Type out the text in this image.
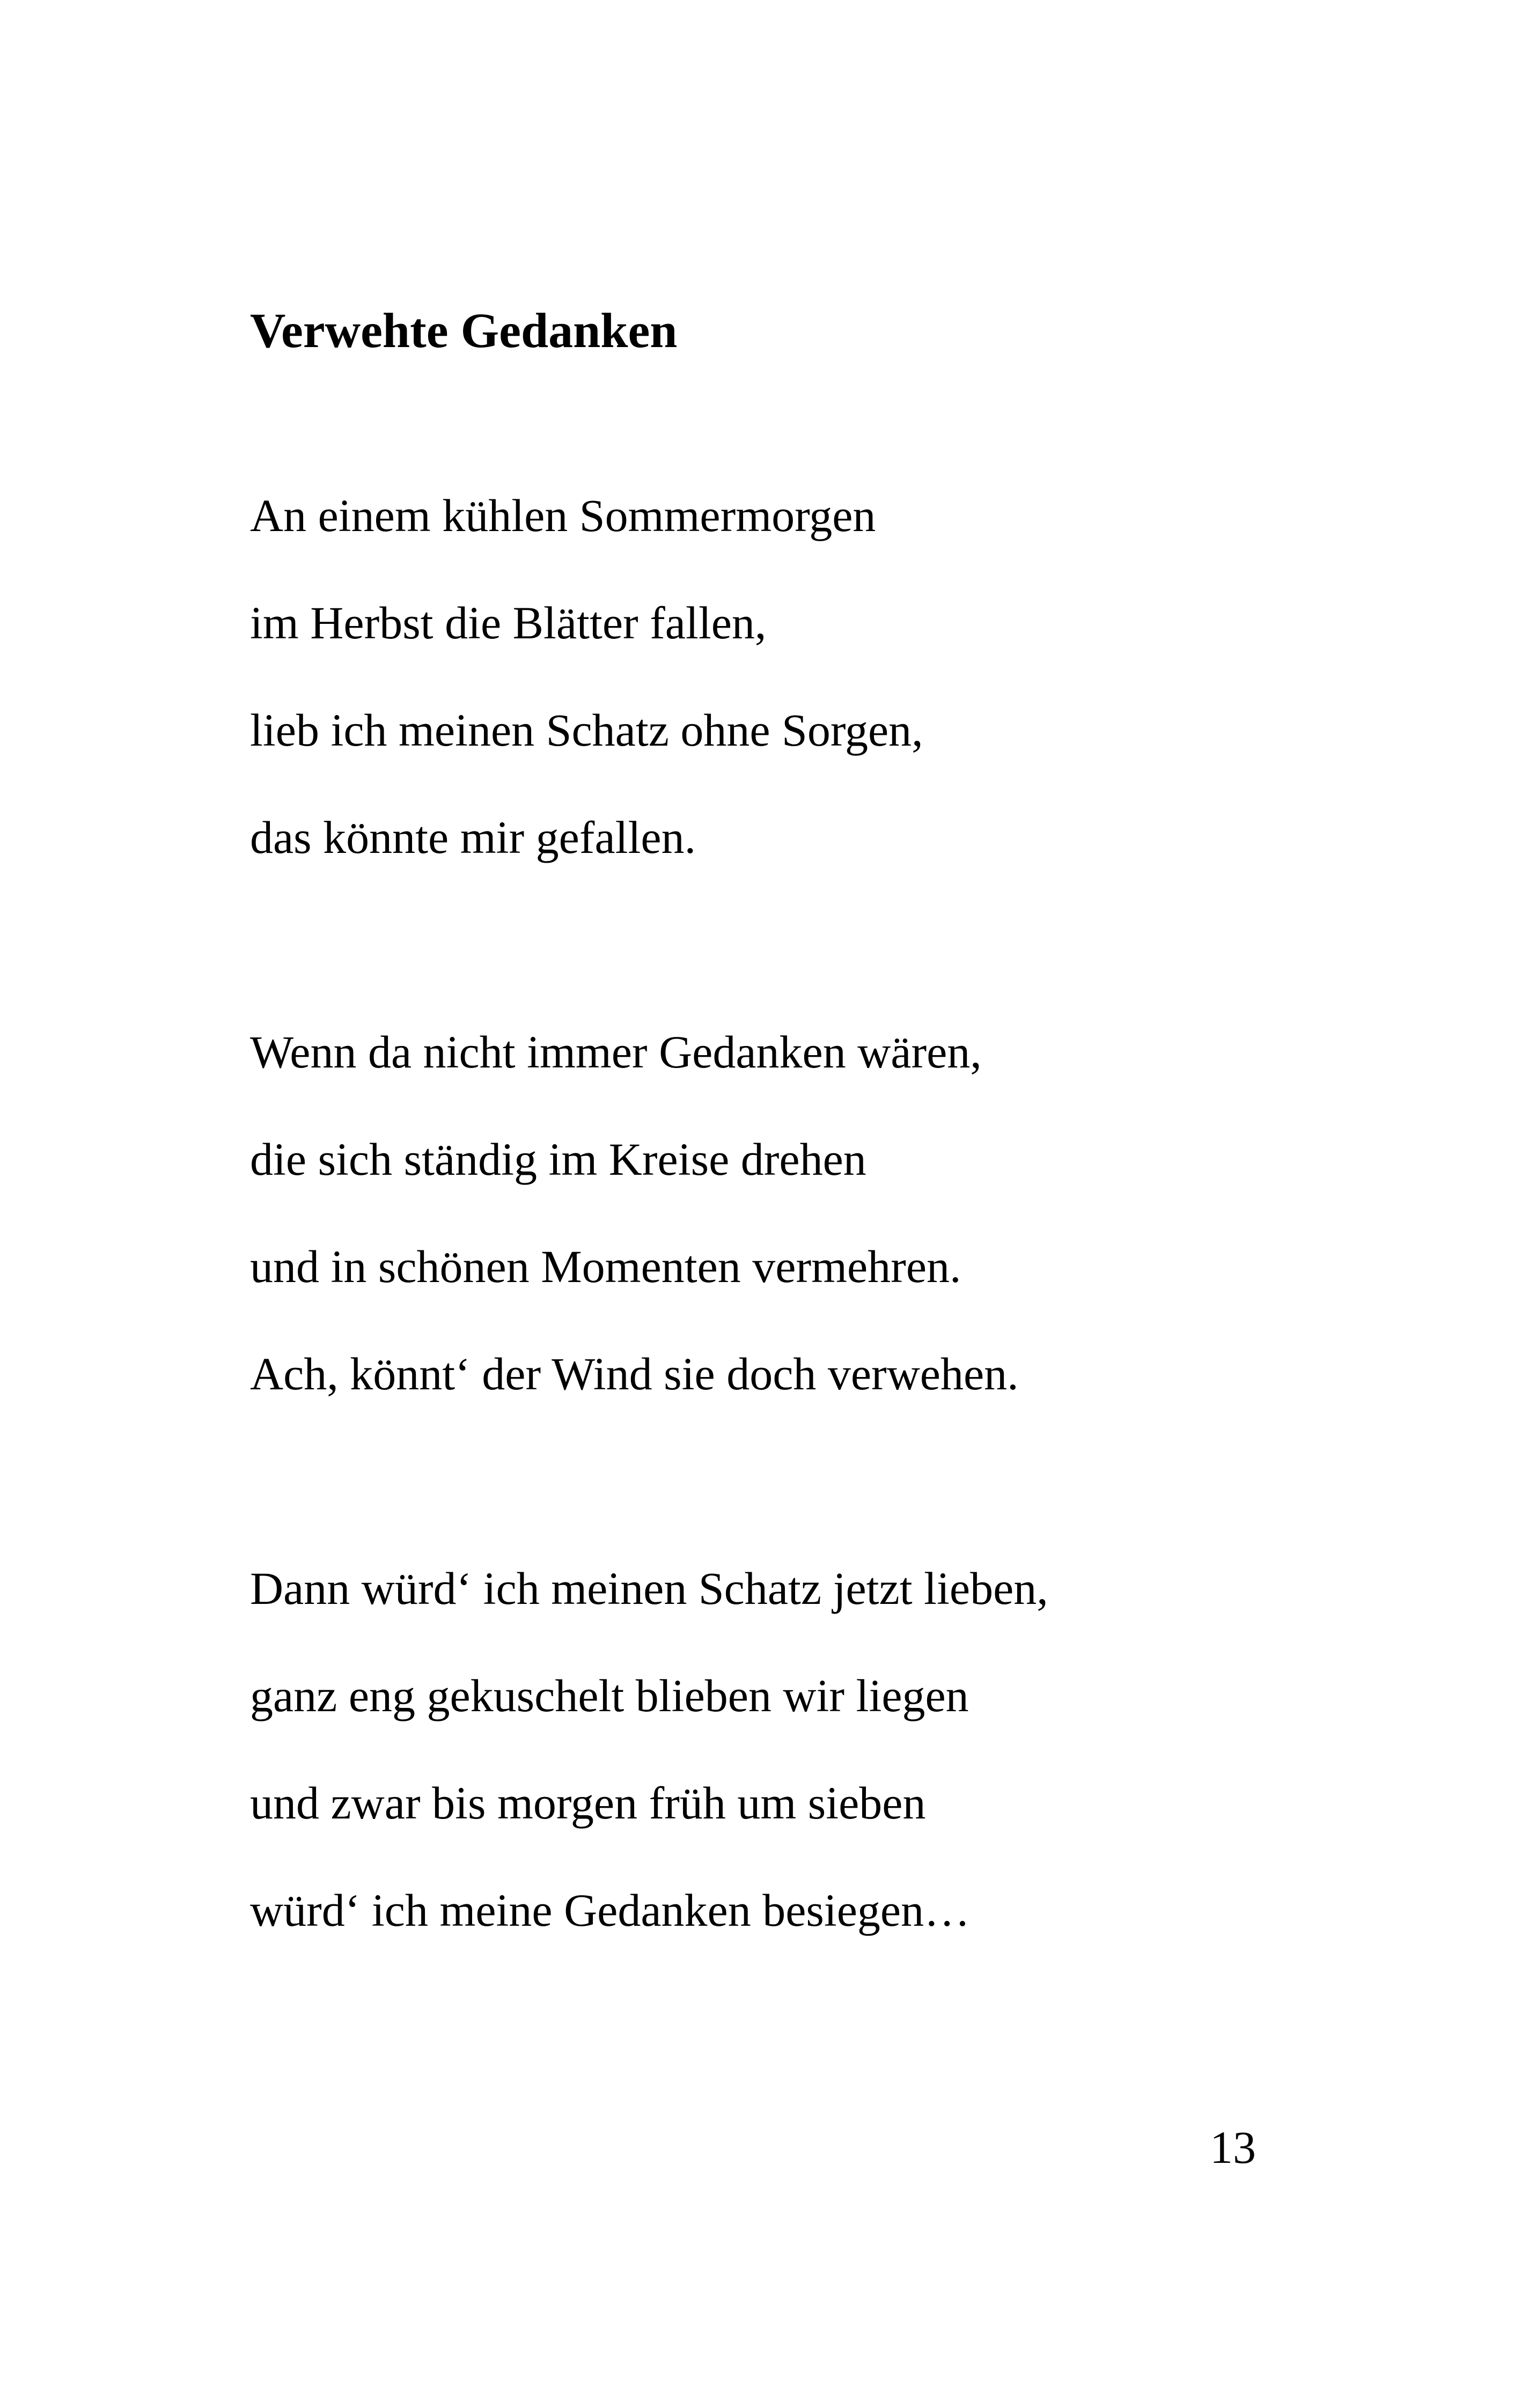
Verwehte Gedanken

An einem kühlen Sommermorgen

im Herbst die Blätter fallen,

lieb ich meinen Schatz ohne Sorgen,

das könnte mir gefallen.

Wenn da nicht immer Gedanken wären,

die sich ständig im Kreise drehen

und in schönen Momenten vermehren.

Ach, könnt‘ der Wind sie doch verwehen.

Dann würd‘ ich meinen Schatz jetzt lieben,

ganz eng gekuschelt blieben wir liegen

und zwar bis morgen früh um sieben

würd‘ ich meine Gedanken besiegen…

13
